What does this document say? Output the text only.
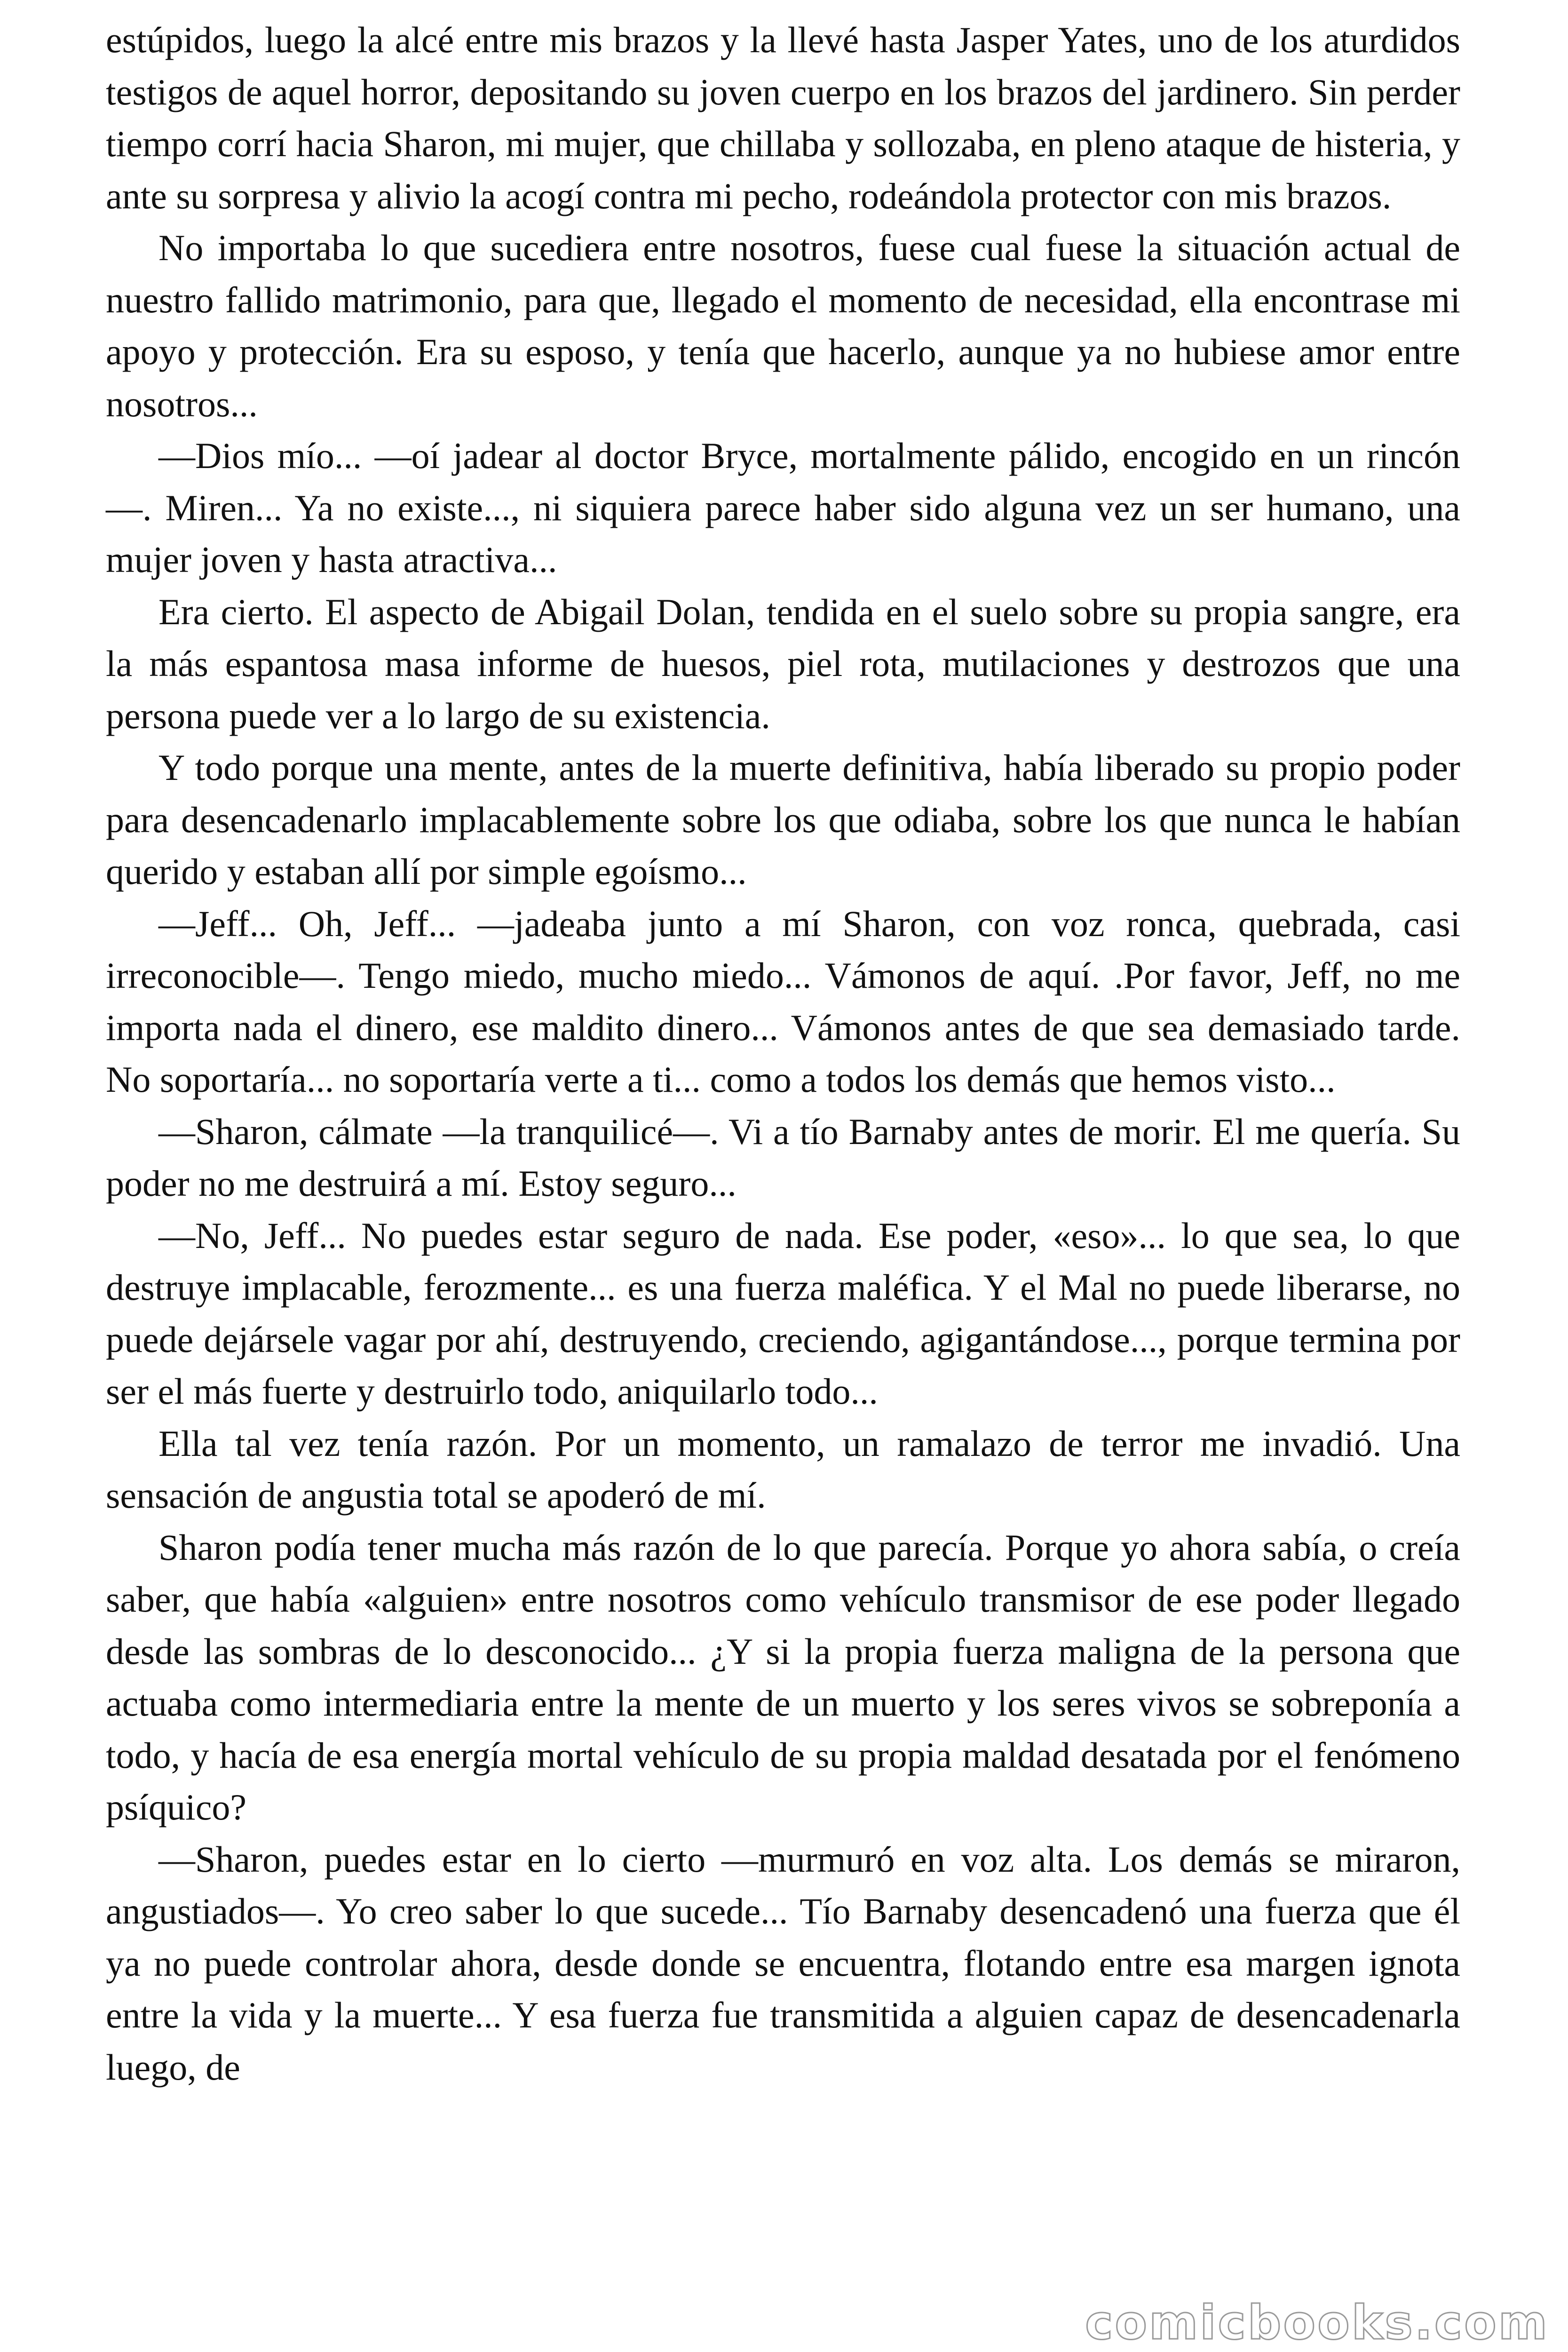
estúpidos, luego la alcé entre mis brazos y la llevé hasta Jasper Yates, uno de los aturdidos testigos de aquel horror, depositando su joven cuerpo en los brazos del jardinero. Sin perder tiempo corrí hacia Sharon, mi mujer, que chillaba y sollozaba, en pleno ataque de histeria, y ante su sorpresa y alivio la acogí contra mi pecho, rodeándola protector con mis brazos.

No importaba lo que sucediera entre nosotros, fuese cual fuese la situación actual de nuestro fallido matrimonio, para que, llegado el momento de necesidad, ella encontrase mi apoyo y protección. Era su esposo, y tenía que hacerlo, aunque ya no hubiese amor entre nosotros...

—Dios mío... —oí jadear al doctor Bryce, mortalmente pálido, encogido en un rincón—. Miren... Ya no existe..., ni siquiera parece haber sido alguna vez un ser humano, una mujer joven y hasta atractiva...

Era cierto. El aspecto de Abigail Dolan, tendida en el suelo sobre su propia sangre, era la más espantosa masa informe de huesos, piel rota, mutilaciones y destrozos que una persona puede ver a lo largo de su existencia.

Y todo porque una mente, antes de la muerte definitiva, había liberado su propio poder para desencadenarlo implacablemente sobre los que odiaba, sobre los que nunca le habían querido y estaban allí por simple egoísmo...

—Jeff... Oh, Jeff... —jadeaba junto a mí Sharon, con voz ronca, quebrada, casi irreconocible—. Tengo miedo, mucho miedo... Vámonos de aquí. .Por favor, Jeff, no me importa nada el dinero, ese maldito dinero... Vámonos antes de que sea demasiado tarde. No soportaría... no soportaría verte a ti... como a todos los demás que hemos visto...

—Sharon, cálmate —la tranquilicé—. Vi a tío Barnaby antes de morir. El me quería. Su poder no me destruirá a mí. Estoy seguro...

—No, Jeff... No puedes estar seguro de nada. Ese poder, «eso»... lo que sea, lo que destruye implacable, ferozmente... es una fuerza maléfica. Y el Mal no puede liberarse, no puede dejársele vagar por ahí, destruyendo, creciendo, agigantándose..., porque termina por ser el más fuerte y destruirlo todo, aniquilarlo todo...

Ella tal vez tenía razón. Por un momento, un ramalazo de terror me invadió. Una sensación de angustia total se apoderó de mí.

Sharon podía tener mucha más razón de lo que parecía. Porque yo ahora sabía, o creía saber, que había «alguien» entre nosotros como vehículo transmisor de ese poder llegado desde las sombras de lo desconocido... ¿Y si la propia fuerza maligna de la persona que actuaba como intermediaria entre la mente de un muerto y los seres vivos se sobreponía a todo, y hacía de esa energía mortal vehículo de su propia maldad desatada por el fenómeno psíquico?

—Sharon, puedes estar en lo cierto —murmuró en voz alta. Los demás se miraron, angustiados—. Yo creo saber lo que sucede... Tío Barnaby desencadenó una fuerza que él ya no puede controlar ahora, desde donde se encuentra, flotando entre esa margen ignota entre la vida y la muerte... Y esa fuerza fue transmitida a alguien capaz de desencadenarla luego, de

comicbooks.com
